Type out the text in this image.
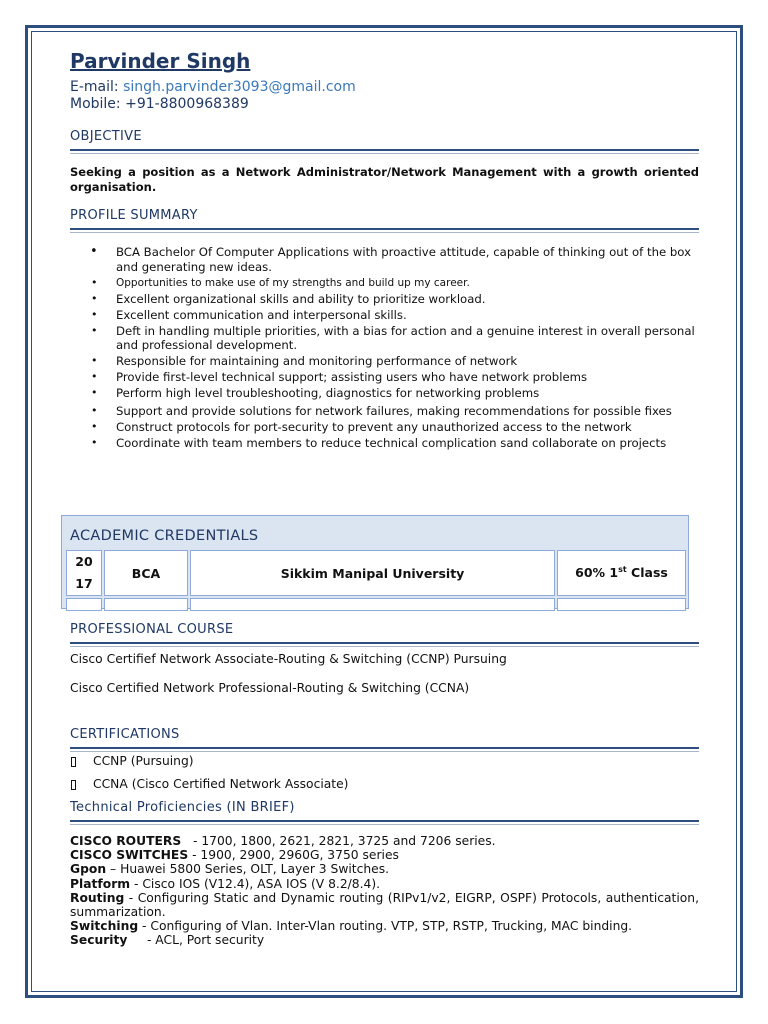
Parvinder Singh
E-mail: singh.parvinder3093@gmail.com
Mobile: +91-8800968389
OBJECTIVE
Seeking a position as a Network Administrator/Network Management with a growth oriented organisation.
PROFILE SUMMARY
• BCA Bachelor Of Computer Applications with proactive attitude, capable of thinking out of the box and generating new ideas.
• Opportunities to make use of my strengths and build up my career.
• Excellent organizational skills and ability to prioritize workload.
• Excellent communication and interpersonal skills.
• Deft in handling multiple priorities, with a bias for action and a genuine interest in overall personal and professional development.
• Responsible for maintaining and monitoring performance of network
• Provide first-level technical support; assisting users who have network problems
• Perform high level troubleshooting, diagnostics for networking problems
• Support and provide solutions for network failures, making recommendations for possible fixes
• Construct protocols for port-security to prevent any unauthorized access to the network
• Coordinate with team members to reduce technical complication sand collaborate on projects
ACADEMIC CREDENTIALS
20
17	BCA	Sikkim Manipal University	60% 1st Class

PROFESSIONAL COURSE
Cisco Certifief Network Associate-Routing & Switching (CCNP) Pursuing
Cisco Certified Network Professional-Routing & Switching (CCNA)
CERTIFICATIONS
CCNP (Pursuing)
CCNA (Cisco Certified Network Associate)
Technical Proficiencies (IN BRIEF)
CISCO ROUTERS   - 1700, 1800, 2621, 2821, 3725 and 7206 series.
CISCO SWITCHES - 1900, 2900, 2960G, 3750 series
Gpon – Huawei 5800 Series, OLT, Layer 3 Switches.
Platform - Cisco IOS (V12.4), ASA IOS (V 8.2/8.4).
Routing - Configuring Static and Dynamic routing (RIPv1/v2, EIGRP, OSPF) Protocols, authentication, summarization.
Switching - Configuring of Vlan. Inter-Vlan routing. VTP, STP, RSTP, Trucking, MAC binding.
Security     - ACL, Port security
